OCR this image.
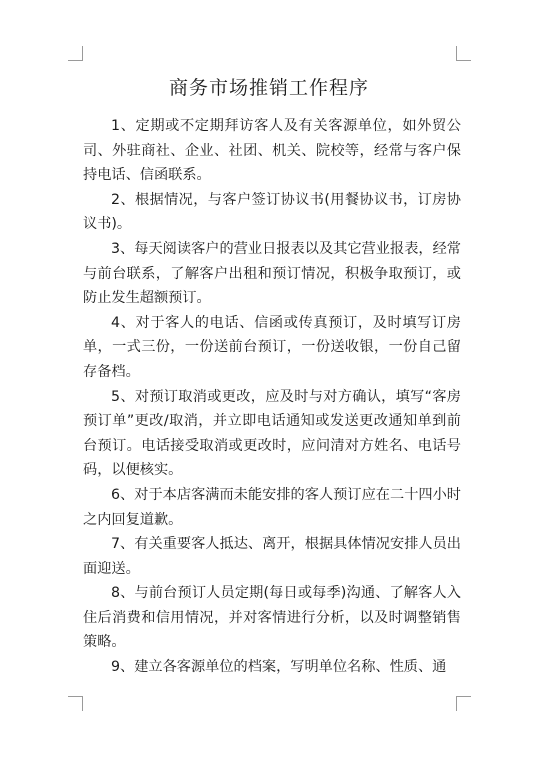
商务市场推销工作程序

1、定期或不定期拜访客人及有关客源单位，如外贸公司、外驻商社、企业、社团、机关、院校等，经常与客户保持电话、信函联系。

2、根据情况，与客户签订协议书(用餐协议书，订房协议书)。

3、每天阅读客户的营业日报表以及其它营业报表，经常与前台联系，了解客户出租和预订情况，积极争取预订，或防止发生超额预订。

4、对于客人的电话、信函或传真预订，及时填写订房单，一式三份，一份送前台预订，一份送收银，一份自己留存备档。

5、对预订取消或更改，应及时与对方确认，填写“客房预订单”更改/取消，并立即电话通知或发送更改通知单到前台预订。电话接受取消或更改时，应问清对方姓名、电话号码，以便核实。

6、对于本店客满而未能安排的客人预订应在二十四小时之内回复道歉。

7、有关重要客人抵达、离开，根据具体情况安排人员出面迎送。

8、与前台预订人员定期(每日或每季)沟通、了解客人入住后消费和信用情况，并对客情进行分析，以及时调整销售策略。

9、建立各客源单位的档案，写明单位名称、性质、通
